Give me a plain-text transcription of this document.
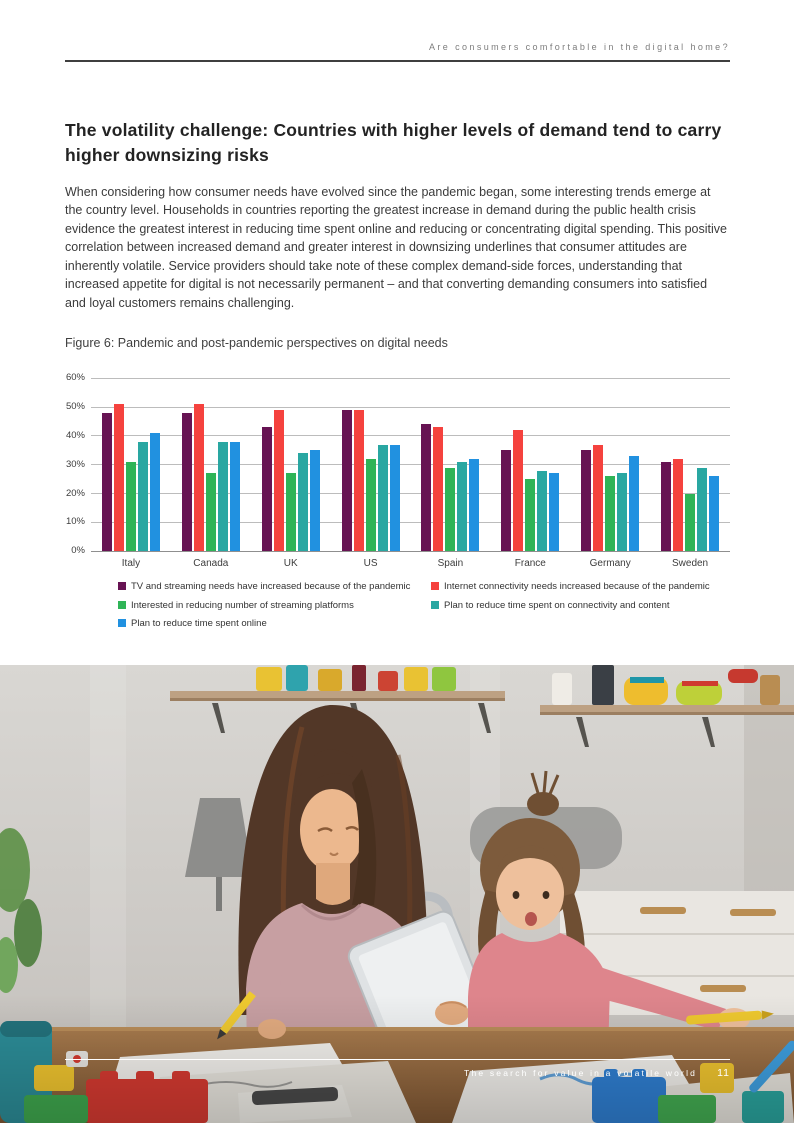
Are consumers comfortable in the digital home?
The volatility challenge: Countries with higher levels of demand tend to carry higher downsizing risks
When considering how consumer needs have evolved since the pandemic began, some interesting trends emerge at the country level. Households in countries reporting the greatest increase in demand during the public health crisis evidence the greatest interest in reducing time spent online and reducing or concentrating digital spending. This positive correlation between increased demand and greater interest in downsizing underlines that consumer attitudes are inherently volatile. Service providers should take note of these complex demand-side forces, understanding that increased appetite for digital is not necessarily permanent – and that converting demanding consumers into satisfied and loyal customers remains challenging.
Figure 6: Pandemic and post-pandemic perspectives on digital needs
0%
10%
20%
30%
40%
50%
60%
Italy	Canada	UK	US	Spain	France	Germany	Sweden
TV and streaming needs have increased because of the pandemic	Internet connectivity needs increased because of the pandemic
Interested in reducing number of streaming platforms	Plan to reduce time spent on connectivity and content
Plan to reduce time spent online
The search for value in a volatile world 11
